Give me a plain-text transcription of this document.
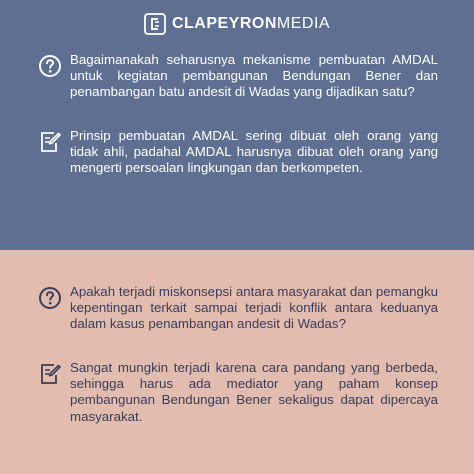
CLAPEYRONMEDIA

Bagaimanakah seharusnya mekanisme pembuatan AMDAL untuk kegiatan pembangunan Bendungan Bener dan penambangan batu andesit di Wadas yang dijadikan satu?

Prinsip pembuatan AMDAL sering dibuat oleh orang yang tidak ahli, padahal AMDAL harusnya dibuat oleh orang yang mengerti persoalan lingkungan dan berkompeten.

Apakah terjadi miskonsepsi antara masyarakat dan pemangku kepentingan terkait sampai terjadi konflik antara keduanya dalam kasus penambangan andesit di Wadas?

Sangat mungkin terjadi karena cara pandang yang berbeda, sehingga harus ada mediator yang paham konsep pembangunan Bendungan Bener sekaligus dapat dipercaya masyarakat.
